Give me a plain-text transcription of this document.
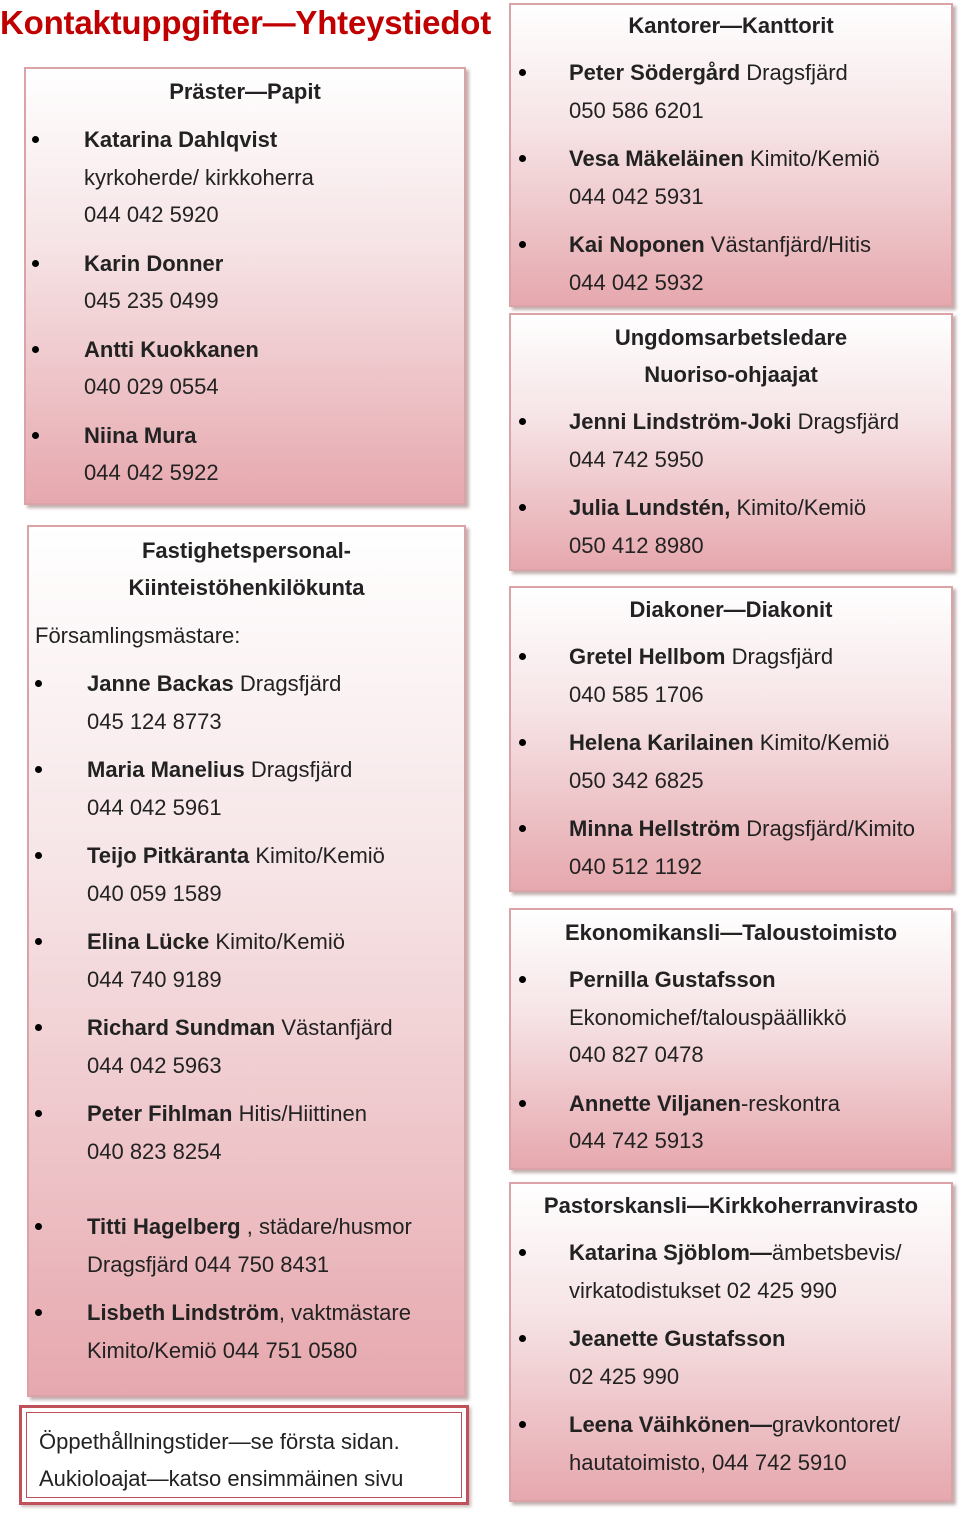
Kontaktuppgifter—Yhteystiedot
Präster—Papit
Katarina Dahlqvist
kyrkoherde/ kirkkoherra
044 042 5920
Karin Donner
045 235 0499
Antti Kuokkanen
040 029 0554
Niina Mura
044 042 5922
Fastighetspersonal-
Kiinteistöhenkilökunta
Församlingsmästare:
Janne Backas Dragsfjärd
045 124 8773
Maria Manelius Dragsfjärd
044 042 5961
Teijo Pitkäranta Kimito/Kemiö
040 059 1589
Elina Lücke Kimito/Kemiö
044 740 9189
Richard Sundman Västanfjärd
044 042 5963
Peter Fihlman Hitis/Hiittinen
040 823 8254
Titti Hagelberg , städare/husmor
Dragsfjärd 044 750 8431
Lisbeth Lindström, vaktmästare
Kimito/Kemiö 044 751 0580
Öppethållningstider—se första sidan.
Aukioloajat—katso ensimmäinen sivu
Kantorer—Kanttorit
Peter Södergård Dragsfjärd
050 586 6201
Vesa Mäkeläinen Kimito/Kemiö
044 042 5931
Kai Noponen Västanfjärd/Hitis
044 042 5932
Ungdomsarbetsledare
Nuoriso-ohjaajat
Jenni Lindström-Joki Dragsfjärd
044 742 5950
Julia Lundstén, Kimito/Kemiö
050 412 8980
Diakoner—Diakonit
Gretel Hellbom Dragsfjärd
040 585 1706
Helena Karilainen Kimito/Kemiö
050 342 6825
Minna Hellström Dragsfjärd/Kimito
040 512 1192
Ekonomikansli—Taloustoimisto
Pernilla Gustafsson
Ekonomichef/talouspäällikkö
040 827 0478
Annette Viljanen-reskontra
044 742 5913
Pastorskansli—Kirkkoherranvirasto
Katarina Sjöblom—ämbetsbevis/
virkatodistukset 02 425 990
Jeanette Gustafsson
02 425 990
Leena Väihkönen—gravkontoret/
hautatoimisto, 044 742 5910
